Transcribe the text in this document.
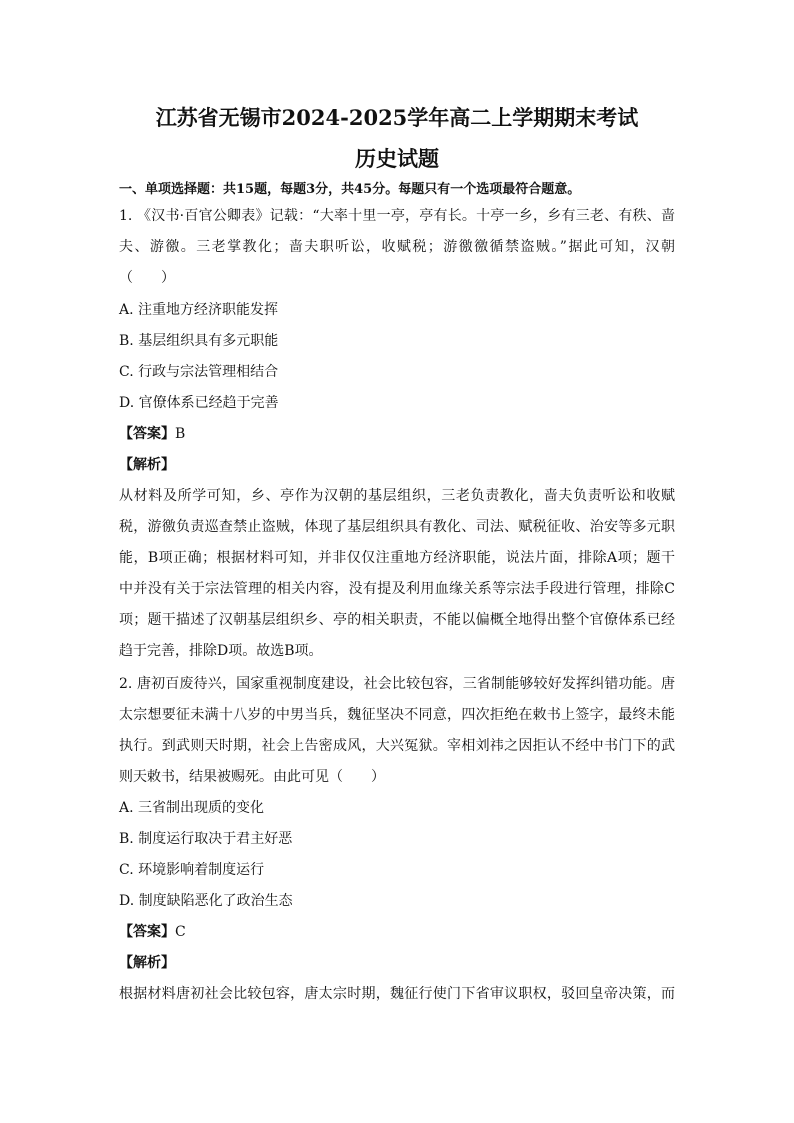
江苏省无锡市2024-2025学年高二上学期期末考试
历史试题
一、单项选择题：共15题，每题3分，共45分。每题只有一个选项最符合题意。
1. 《汉书·百官公卿表》记载：“大率十里一亭，亭有长。十亭一乡，乡有三老、有秩、啬
夫、游徼。三老掌教化；啬夫职听讼，收赋税；游徼徼循禁盗贼。”据此可知，汉朝
（　　）
A. 注重地方经济职能发挥
B. 基层组织具有多元职能
C. 行政与宗法管理相结合
D. 官僚体系已经趋于完善
【答案】B
【解析】
从材料及所学可知，乡、亭作为汉朝的基层组织，三老负责教化，啬夫负责听讼和收赋
税，游徼负责巡查禁止盗贼，体现了基层组织具有教化、司法、赋税征收、治安等多元职
能，B项正确；根据材料可知，并非仅仅注重地方经济职能，说法片面，排除A项；题干
中并没有关于宗法管理的相关内容，没有提及利用血缘关系等宗法手段进行管理，排除C
项；题干描述了汉朝基层组织乡、亭的相关职责，不能以偏概全地得出整个官僚体系已经
趋于完善，排除D项。故选B项。
2. 唐初百废待兴，国家重视制度建设，社会比较包容，三省制能够较好发挥纠错功能。唐
太宗想要征未满十八岁的中男当兵，魏征坚决不同意，四次拒绝在敕书上签字，最终未能
执行。到武则天时期，社会上告密成风，大兴冤狱。宰相刘祎之因拒认不经中书门下的武
则天敕书，结果被赐死。由此可见（　　）
A. 三省制出现质的变化
B. 制度运行取决于君主好恶
C. 环境影响着制度运行
D. 制度缺陷恶化了政治生态
【答案】C
【解析】
根据材料唐初社会比较包容，唐太宗时期，魏征行使门下省审议职权，驳回皇帝决策，而
